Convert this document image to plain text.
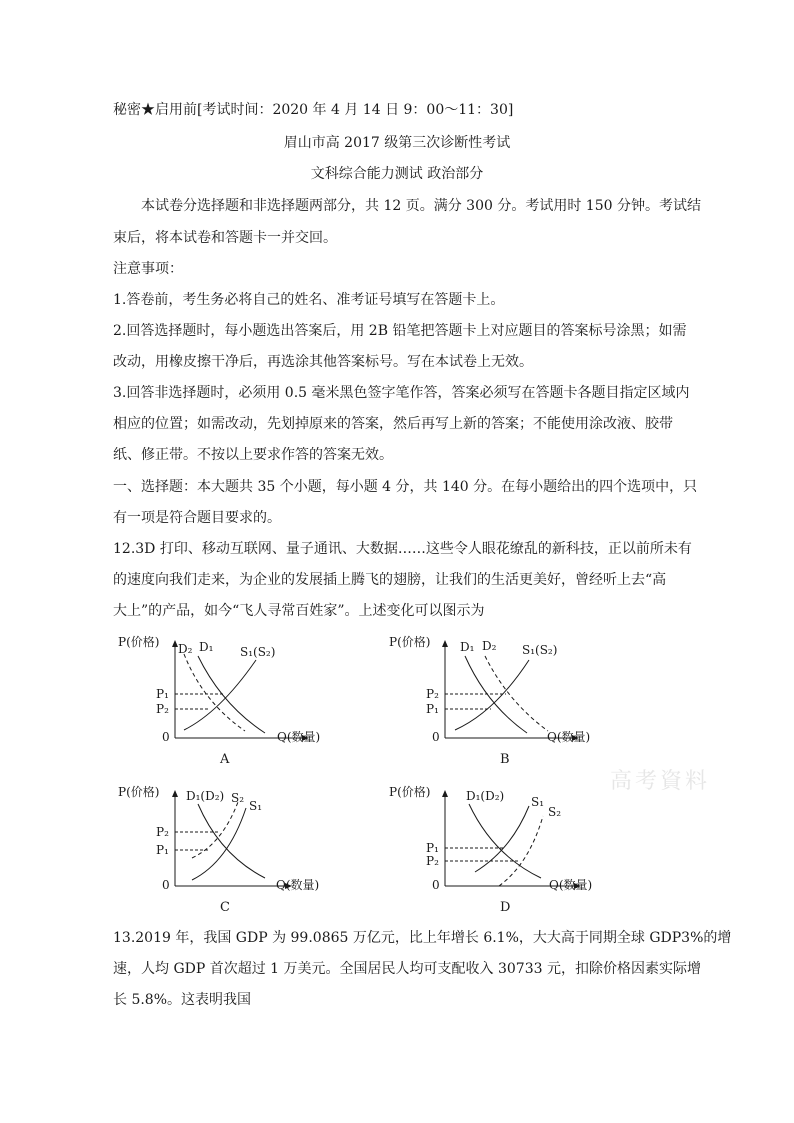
秘密★启用前[考试时间：2020 年 4 月 14 日 9：00～11：30]
眉山市高 2017 级第三次诊断性考试
文科综合能力测试 政治部分
本试卷分选择题和非选择题两部分，共 12 页。满分 300 分。考试用时 150 分钟。考试结
束后，将本试卷和答题卡一并交回。
注意事项：
1.答卷前，考生务必将自己的姓名、准考证号填写在答题卡上。
2.回答选择题时，每小题选出答案后，用 2B 铅笔把答题卡上对应题目的答案标号涂黑；如需
改动，用橡皮擦干净后，再选涂其他答案标号。写在本试卷上无效。
3.回答非选择题时，必须用 0.5 毫米黑色签字笔作答，答案必须写在答题卡各题目指定区域内
相应的位置；如需改动，先划掉原来的答案，然后再写上新的答案；不能使用涂改液、胶带
纸、修正带。不按以上要求作答的答案无效。
一、选择题：本大题共 35 个小题，每小题 4 分，共 140 分。在每小题给出的四个选项中，只
有一项是符合题目要求的。
12.3D 打印、移动互联网、量子通讯、大数据……这些令人眼花缭乱的新科技，正以前所未有
的速度向我们走来，为企业的发展插上腾飞的翅膀，让我们的生活更美好，曾经听上去“高
大上”的产品，如今“飞人寻常百姓家”。上述变化可以图示为
P(价格)
Q(数量)
0
D₁
D₂	S₁(S₂)
P₁
P₂
A
P(价格)
Q(数量)
0
D₁ D₂ S₁(S₂)
P₂
P₁
B
P(价格)
Q(数量)
0
D₁(D₂) S₂
S₁
P₂
P₁
C
P(价格)
Q(数量)
0
D₁(D₂) S₁
S₂
P₁
P₂
D
高考資料
13.2019 年，我国 GDP 为 99.0865 万亿元，比上年增长 6.1%，大大高于同期全球 GDP3%的增
速，人均 GDP 首次超过 1 万美元。全国居民人均可支配收入 30733 元，扣除价格因素实际增
长 5.8%。这表明我国
